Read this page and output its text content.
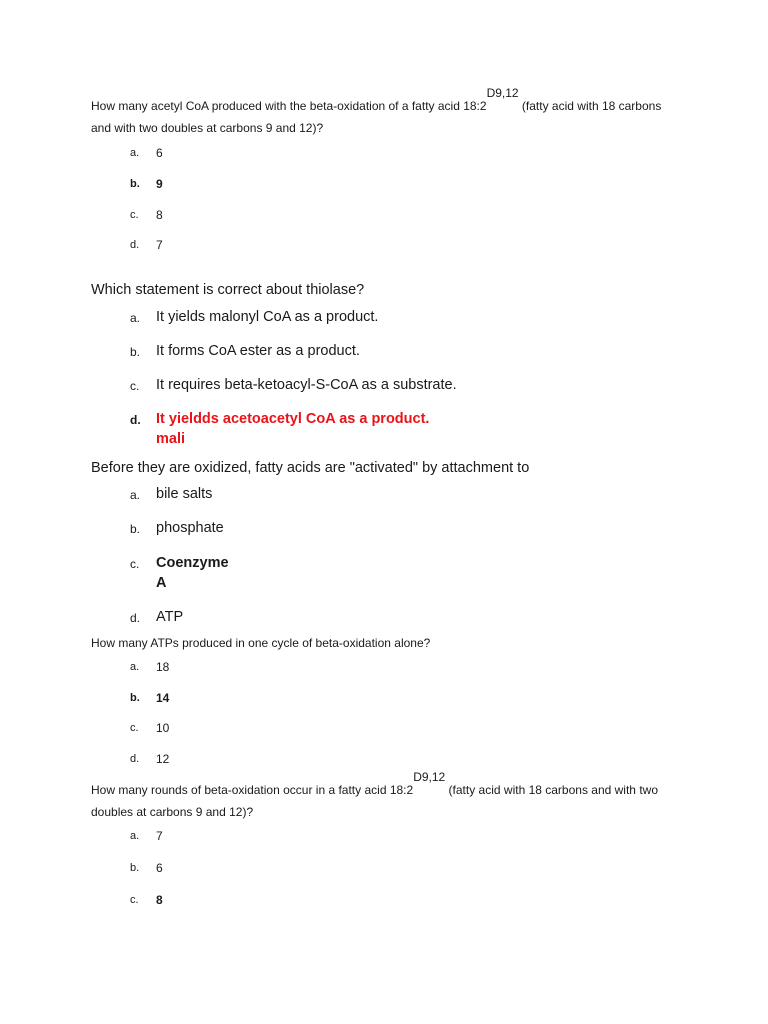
How many acetyl CoA produced with the beta-oxidation of a fatty acid $18:2^{D9,12}$ (fatty acid with 18 carbons and with two doubles at carbons 9 and 12)?

a.	6
b.	9
c.	8
d.	7

Which statement is correct about thiolase?

a.	It yields malonyl CoA as a product.
b.	It forms CoA ester as a product.
c.	It requires beta-ketoacyl-S-CoA as a substrate.
d.	It yieldds acetoacetyl CoA as a product.
mali

Before they are oxidized, fatty acids are "activated" by attachment to

a.	bile salts
b.	phosphate
c.	Coenzyme
A
d.	ATP

How many ATPs produced in one cycle of beta-oxidation alone?

a.	18
b.	14
c.	10
d.	12

How many rounds of beta-oxidation occur in a fatty acid $18:2^{D9,12}$ (fatty acid with 18 carbons and with two doubles at carbons 9 and 12)?

a.	7
b.	6
c.	8
